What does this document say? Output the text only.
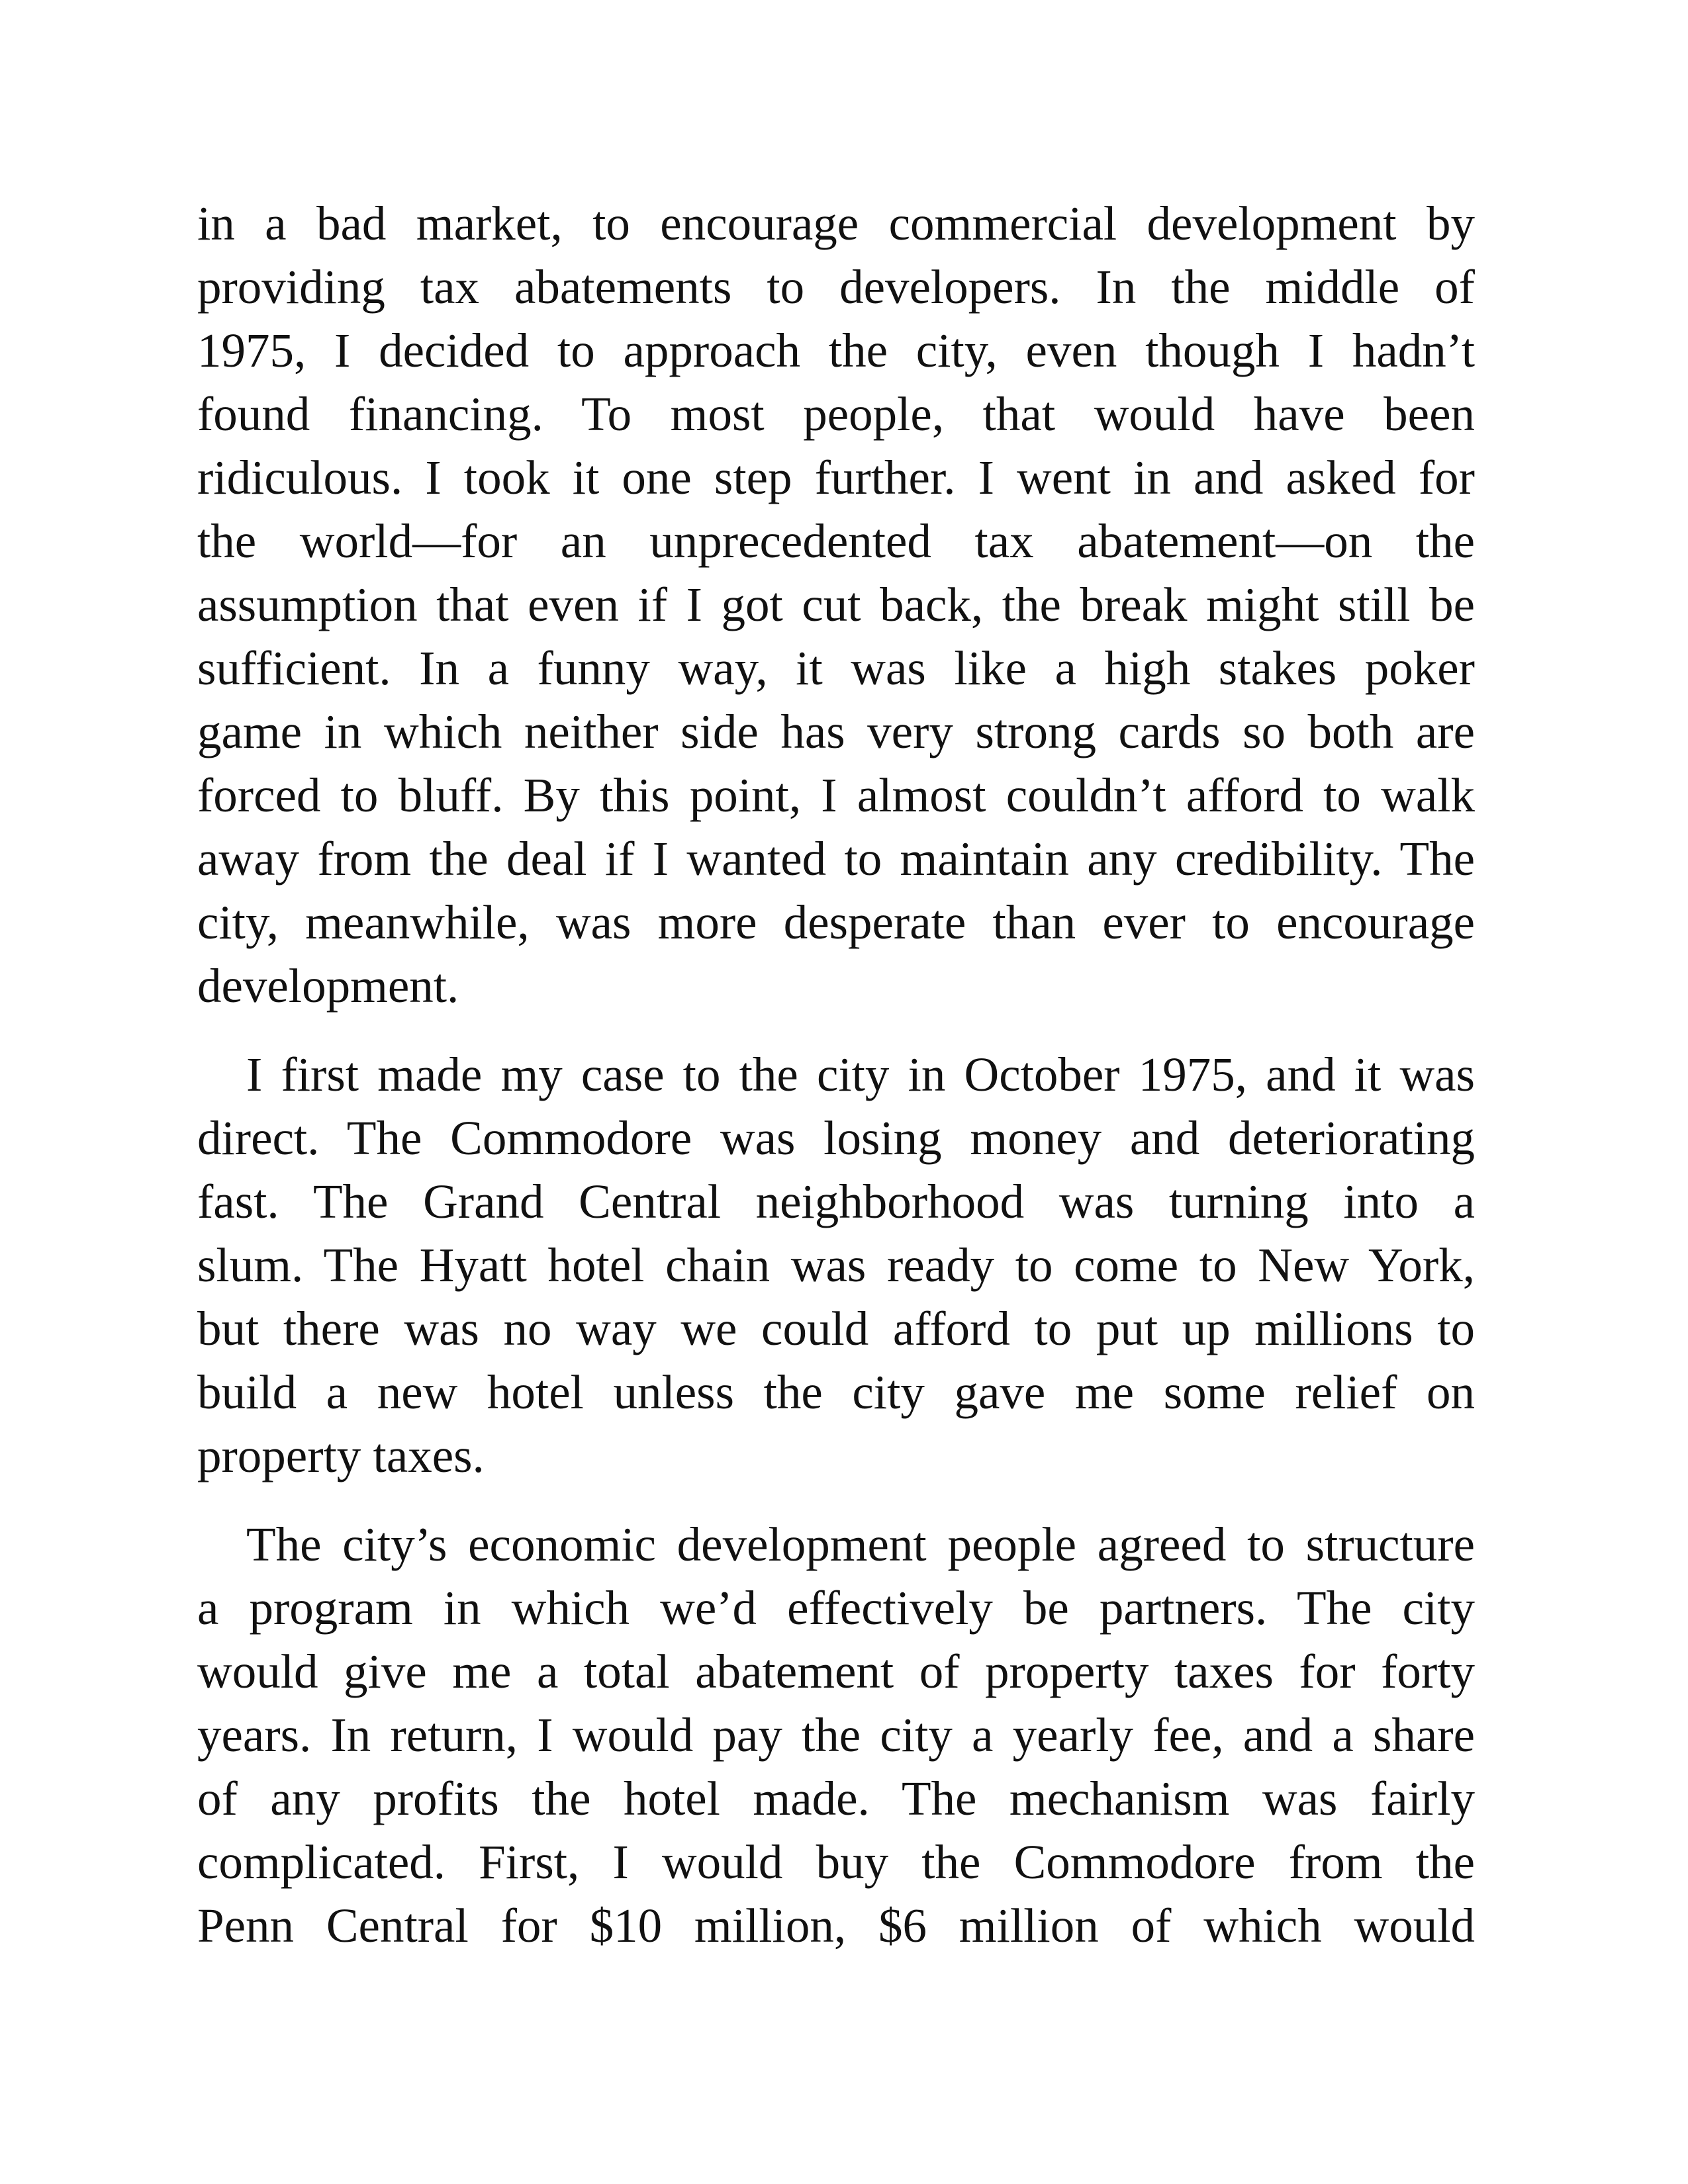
in a bad market, to encourage commercial development by
providing tax abatements to developers. In the middle of
1975, I decided to approach the city, even though I hadn’t
found financing. To most people, that would have been
ridiculous. I took it one step further. I went in and asked for
the world—for an unprecedented tax abatement—on the
assumption that even if I got cut back, the break might still be
sufficient. In a funny way, it was like a high stakes poker
game in which neither side has very strong cards so both are
forced to bluff. By this point, I almost couldn’t afford to walk
away from the deal if I wanted to maintain any credibility. The
city, meanwhile, was more desperate than ever to encourage
development.
I first made my case to the city in October 1975, and it was
direct. The Commodore was losing money and deteriorating
fast. The Grand Central neighborhood was turning into a
slum. The Hyatt hotel chain was ready to come to New York,
but there was no way we could afford to put up millions to
build a new hotel unless the city gave me some relief on
property taxes.
The city’s economic development people agreed to structure
a program in which we’d effectively be partners. The city
would give me a total abatement of property taxes for forty
years. In return, I would pay the city a yearly fee, and a share
of any profits the hotel made. The mechanism was fairly
complicated. First, I would buy the Commodore from the
Penn Central for $10 million, $6 million of which would
